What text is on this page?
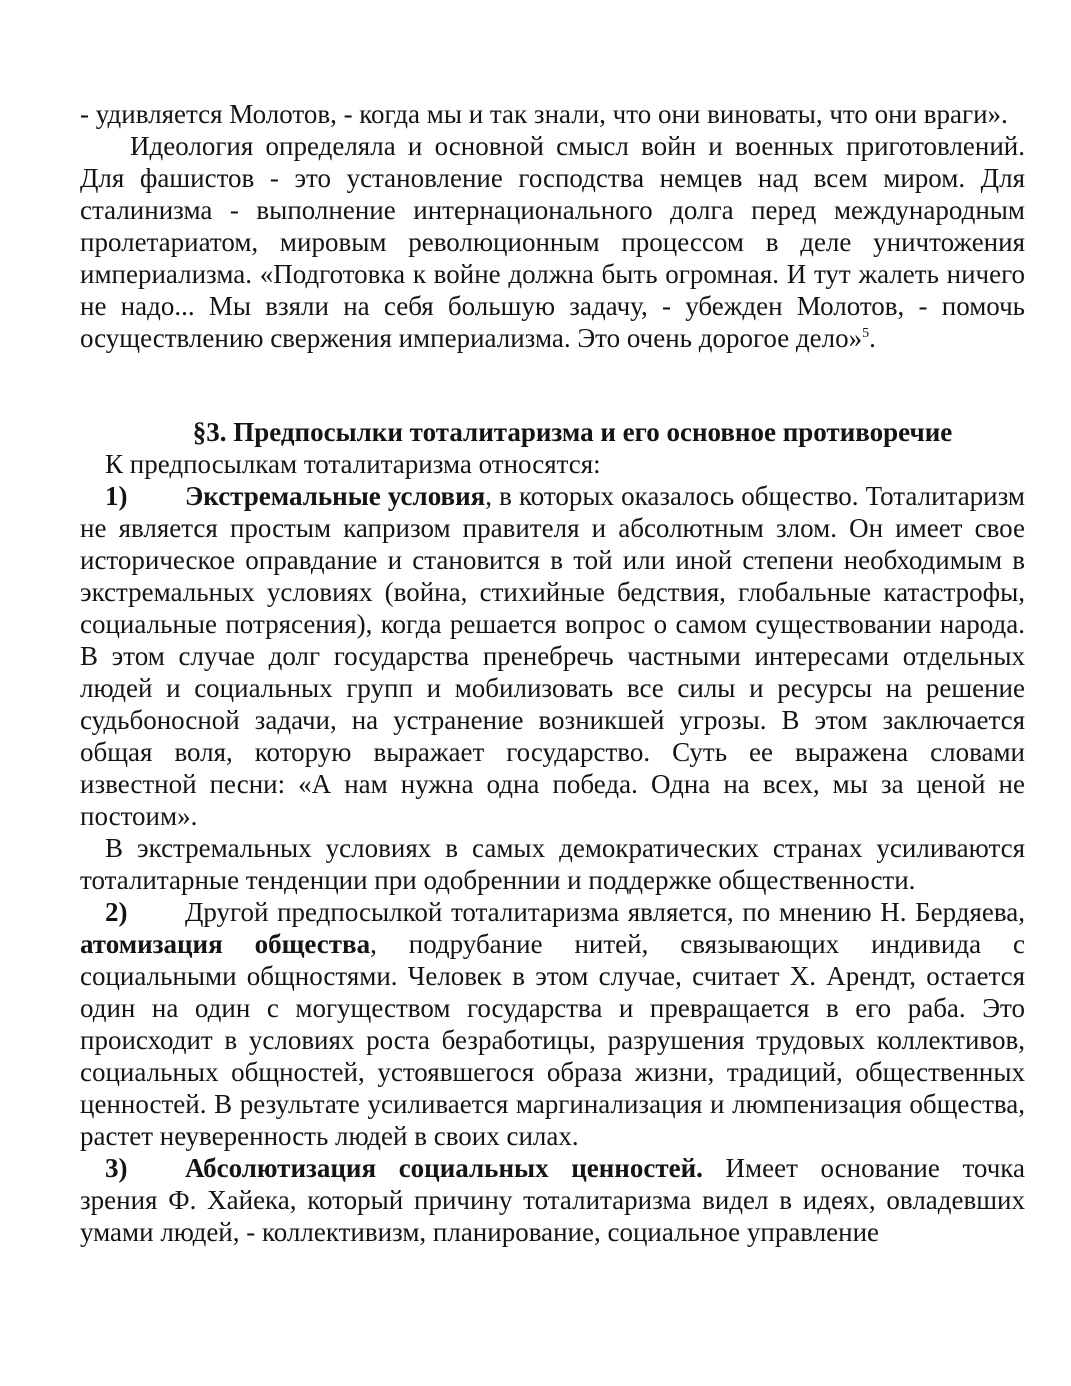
- удивляется Молотов, - когда мы и так знали, что они виноваты, что они враги».

Идеология определяла и основной смысл войн и военных приготовлений. Для фашистов - это установление господства немцев над всем миром. Для сталинизма - выполнение интернационального долга перед международным пролетариатом, мировым революционным процессом в деле уничтожения империализма. «Подготовка к войне должна быть огромная. И тут жалеть ничего не надо... Мы взяли на себя большую задачу, - убежден Молотов, - помочь осуществлению свержения империализма. Это очень дорогое дело»$^5$.

§3. Предпосылки тоталитаризма и его основное противоречие

К предпосылкам тоталитаризма относятся:

1) Экстремальные условия, в которых оказалось общество. Тоталитаризм не является простым капризом правителя и абсолютным злом. Он имеет свое историческое оправдание и становится в той или иной степени необходимым в экстремальных условиях (война, стихийные бедствия, глобальные катастрофы, социальные потрясения), когда решается вопрос о самом существовании народа. В этом случае долг государства пренебречь частными интересами отдельных людей и социальных групп и мобилизовать все силы и ресурсы на решение судьбоносной задачи, на устранение возникшей угрозы. В этом заключается общая воля, которую выражает государство. Суть ее выражена словами известной песни: «А нам нужна одна победа. Одна на всех, мы за ценой не постоим».

В экстремальных условиях в самых демократических странах усиливаются тоталитарные тенденции при одобреннии и поддержке общественности.

2) Другой предпосылкой тоталитаризма является, по мнению Н. Бердяева, атомизация общества, подрубание нитей, связывающих индивида с социальными общностями. Человек в этом случае, считает Х. Арендт, остается один на один с могуществом государства и превращается в его раба. Это происходит в условиях роста безработицы, разрушения трудовых коллективов, социальных общностей, устоявшегося образа жизни, традиций, общественных ценностей. В результате усиливается маргинализация и люмпенизация общества, растет неуверенность людей в своих силах.

3) Абсолютизация социальных ценностей. Имеет основание точка зрения Ф. Хайека, который причину тоталитаризма видел в идеях, овладевших умами людей, - коллективизм, планирование, социальное управление
